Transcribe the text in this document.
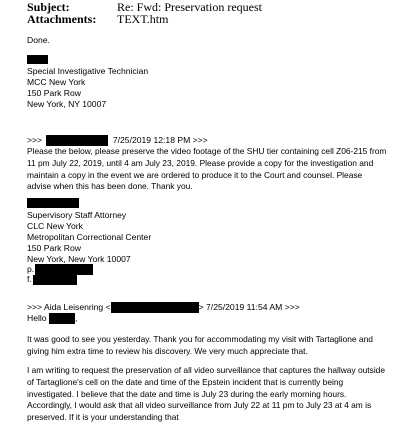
Subject:	Re: Fwd: Preservation request
Attachments: TEXT.htm
Done.
Special Investigative Technician
MCC New York
150 Park Row
New York, NY 10007
>>>	7/25/2019 12:18 PM >>>
Please the below, please preserve the video footage of the SHU tier containing cell Z06-215 from 11 pm July 22, 2019, until 4 am July 23, 2019. Please provide a copy for the investigation and maintain a copy in the event we are ordered to produce it to the Court and counsel. Please advise when this has been done. Thank you.
Supervisory Staff Attorney
CLC New York
Metropolitan Correctional Center
150 Park Row
New York, New York 10007
p.
f.
>>> Aida Leisenring <	> 7/25/2019 11:54 AM >>>
Hello	,
It was good to see you yesterday. Thank you for accommodating my visit with Tartaglione and giving him extra time to review his discovery. We very much appreciate that.
I am writing to request the preservation of all video surveillance that captures the hallway outside of Tartaglione's cell on the date and time of the Epstein incident that is currently being investigated. I believe that the date and time is July 23 during the early morning hours. Accordingly, I would ask that all video surveillance from July 22 at 11 pm to July 23 at 4 am is preserved. If it is your understanding that
